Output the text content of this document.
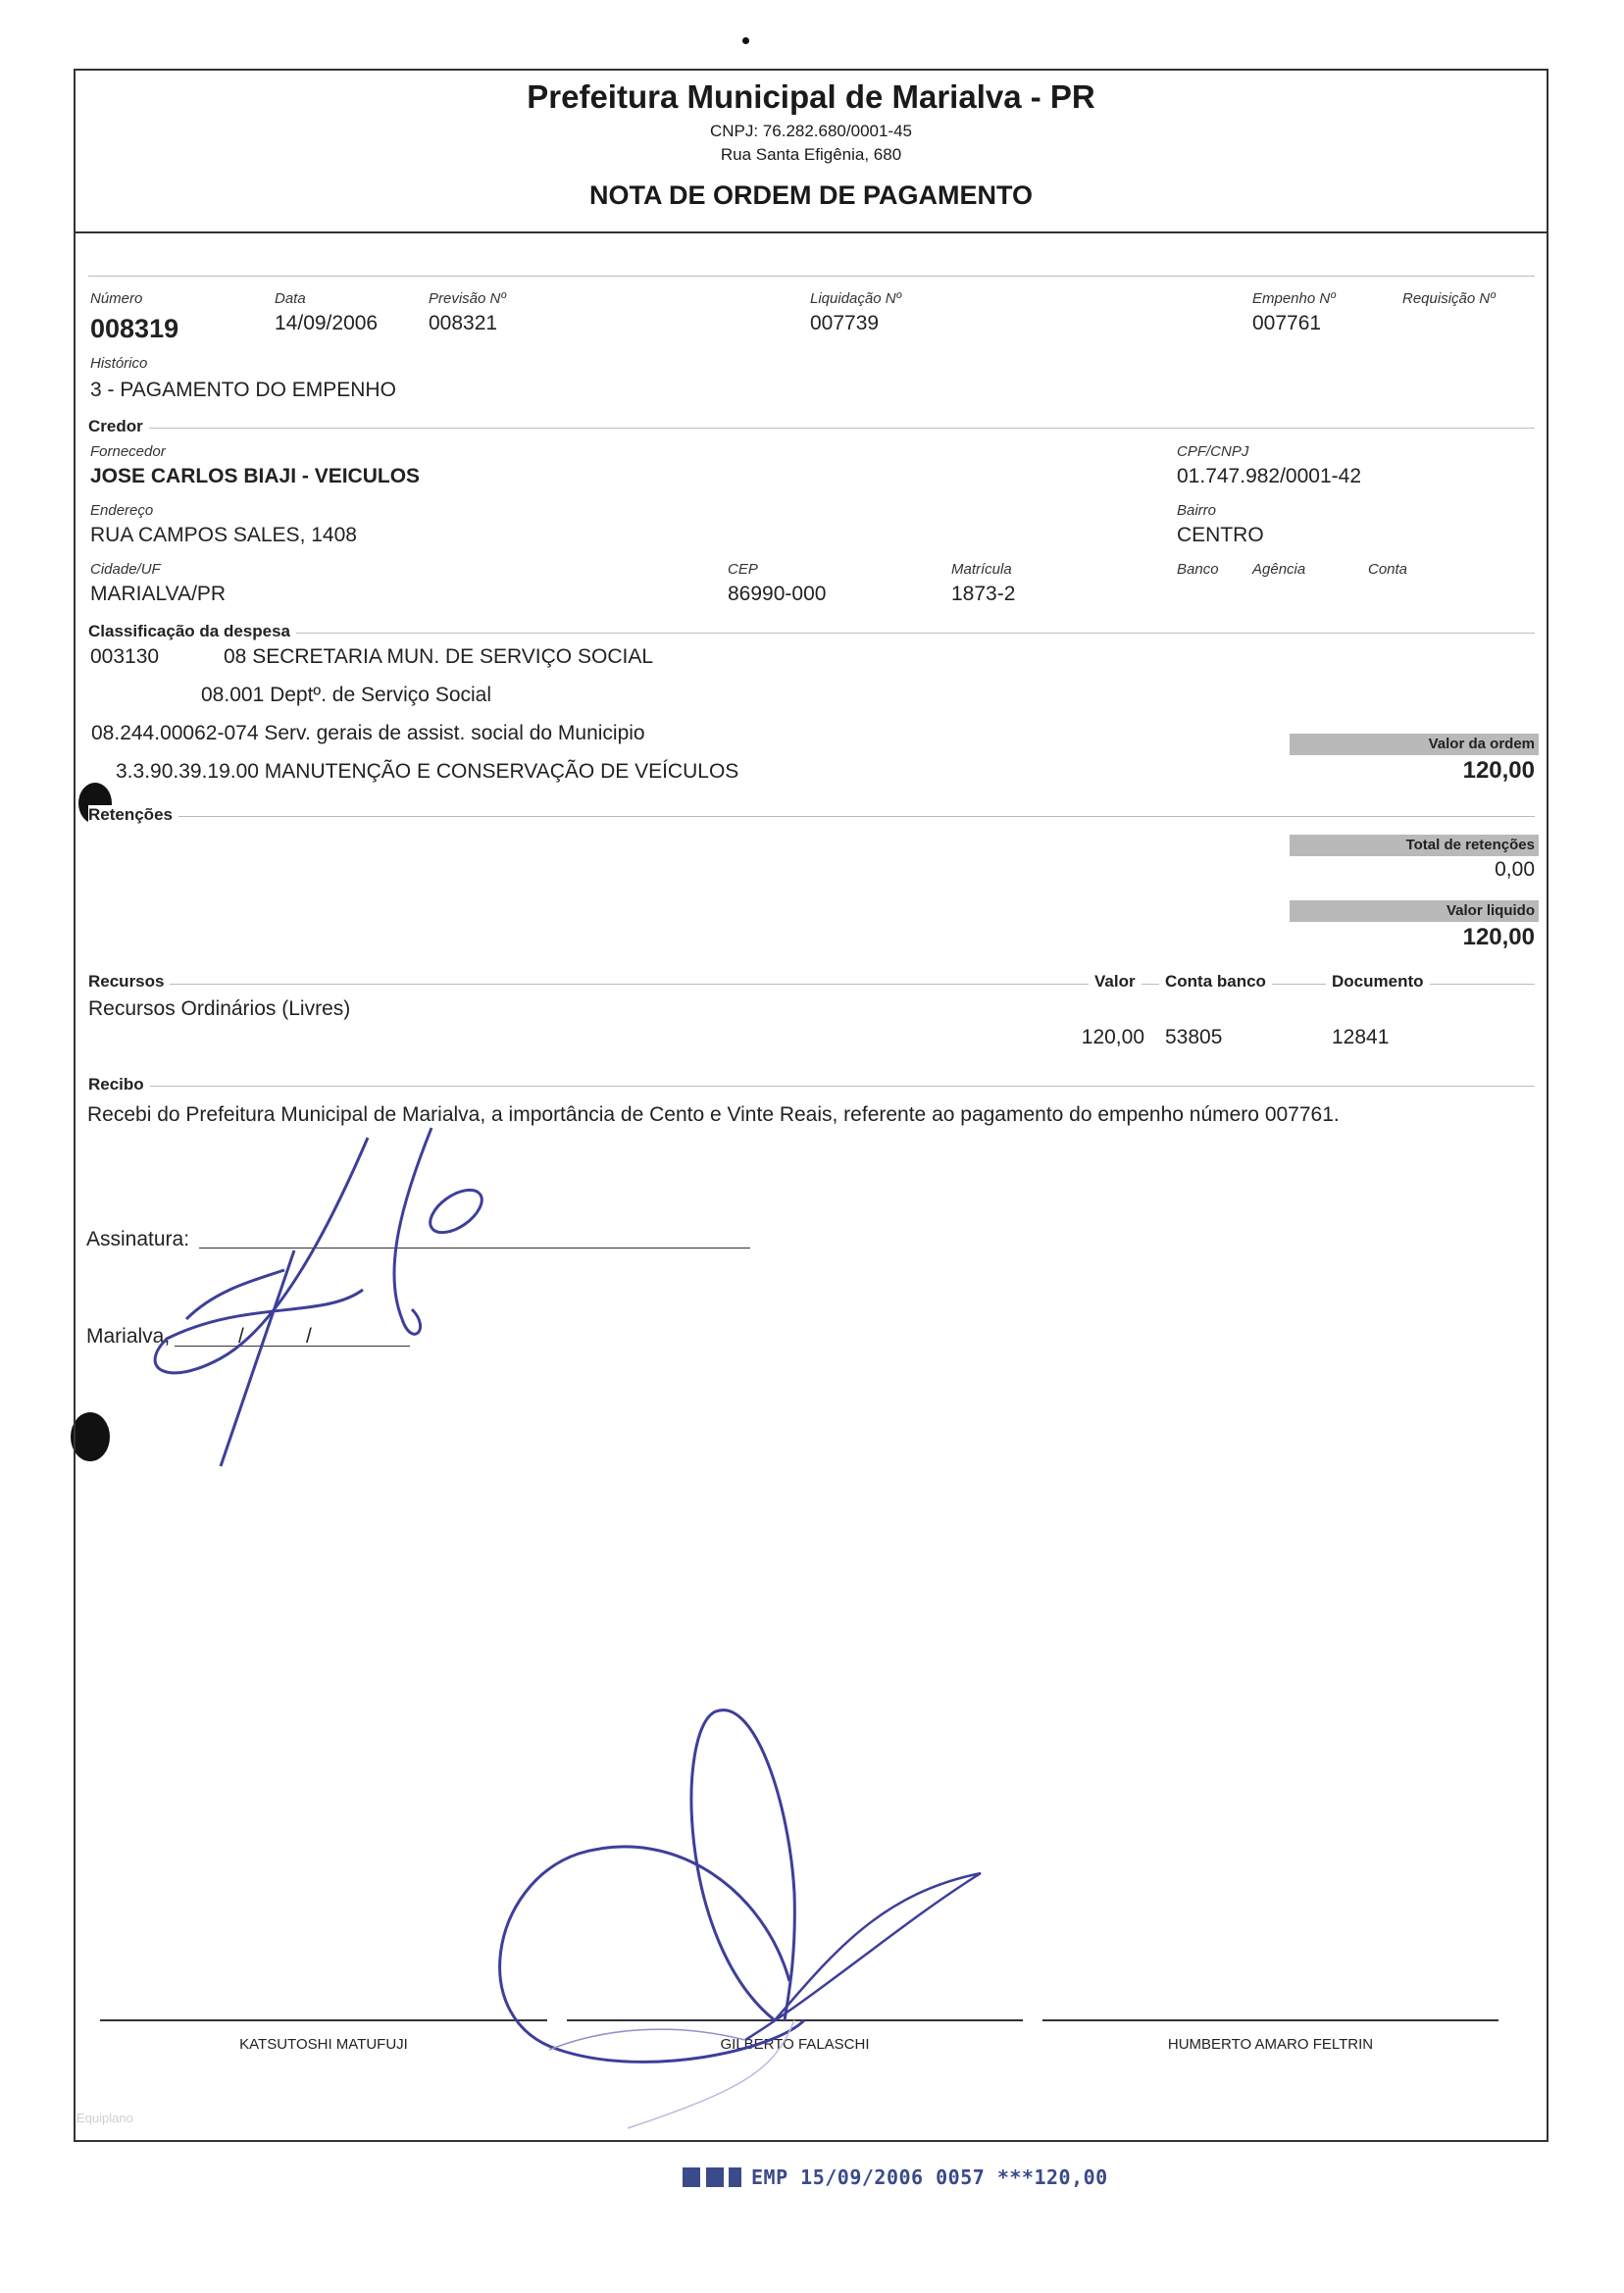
Prefeitura Municipal de Marialva - PR
CNPJ: 76.282.680/0001-45
Rua Santa Efigênia, 680
NOTA DE ORDEM DE PAGAMENTO
Número
008319
Data
14/09/2006
Previsão Nº
008321
Liquidação Nº
007739
Empenho Nº
007761
Requisição Nº
Histórico
3 - PAGAMENTO DO EMPENHO
Credor
Fornecedor
JOSE CARLOS BIAJI - VEICULOS
CPF/CNPJ
01.747.982/0001-42
Endereço
RUA CAMPOS SALES, 1408
Bairro
CENTRO
Cidade/UF
MARIALVA/PR
CEP
86990-000
Matrícula
1873-2
Banco Agência	Conta
Classificação da despesa
003130	08 SECRETARIA MUN. DE SERVIÇO SOCIAL
08.001 Deptº. de Serviço Social
08.244.00062-074 Serv. gerais de assist. social do Municipio
3.3.90.39.19.00 MANUTENÇÃO E CONSERVAÇÃO DE VEÍCULOS
Valor da ordem
120,00
Retenções
Total de retenções
0,00
Valor liquido
120,00
Recursos	Valor	Conta banco	Documento
Recursos Ordinários (Livres)
120,00 53805	12841
Recibo
Recebi do Prefeitura Municipal de Marialva, a importância de Cento e Vinte Reais, referente ao pagamento do empenho número 007761.
Assinatura:
Marialva,	/	/
KATSUTOSHI MATUFUJI	GILBERTO FALASCHI	HUMBERTO AMARO FELTRIN
Equiplano
EMP 15/09/2006 0057 ***120,00
